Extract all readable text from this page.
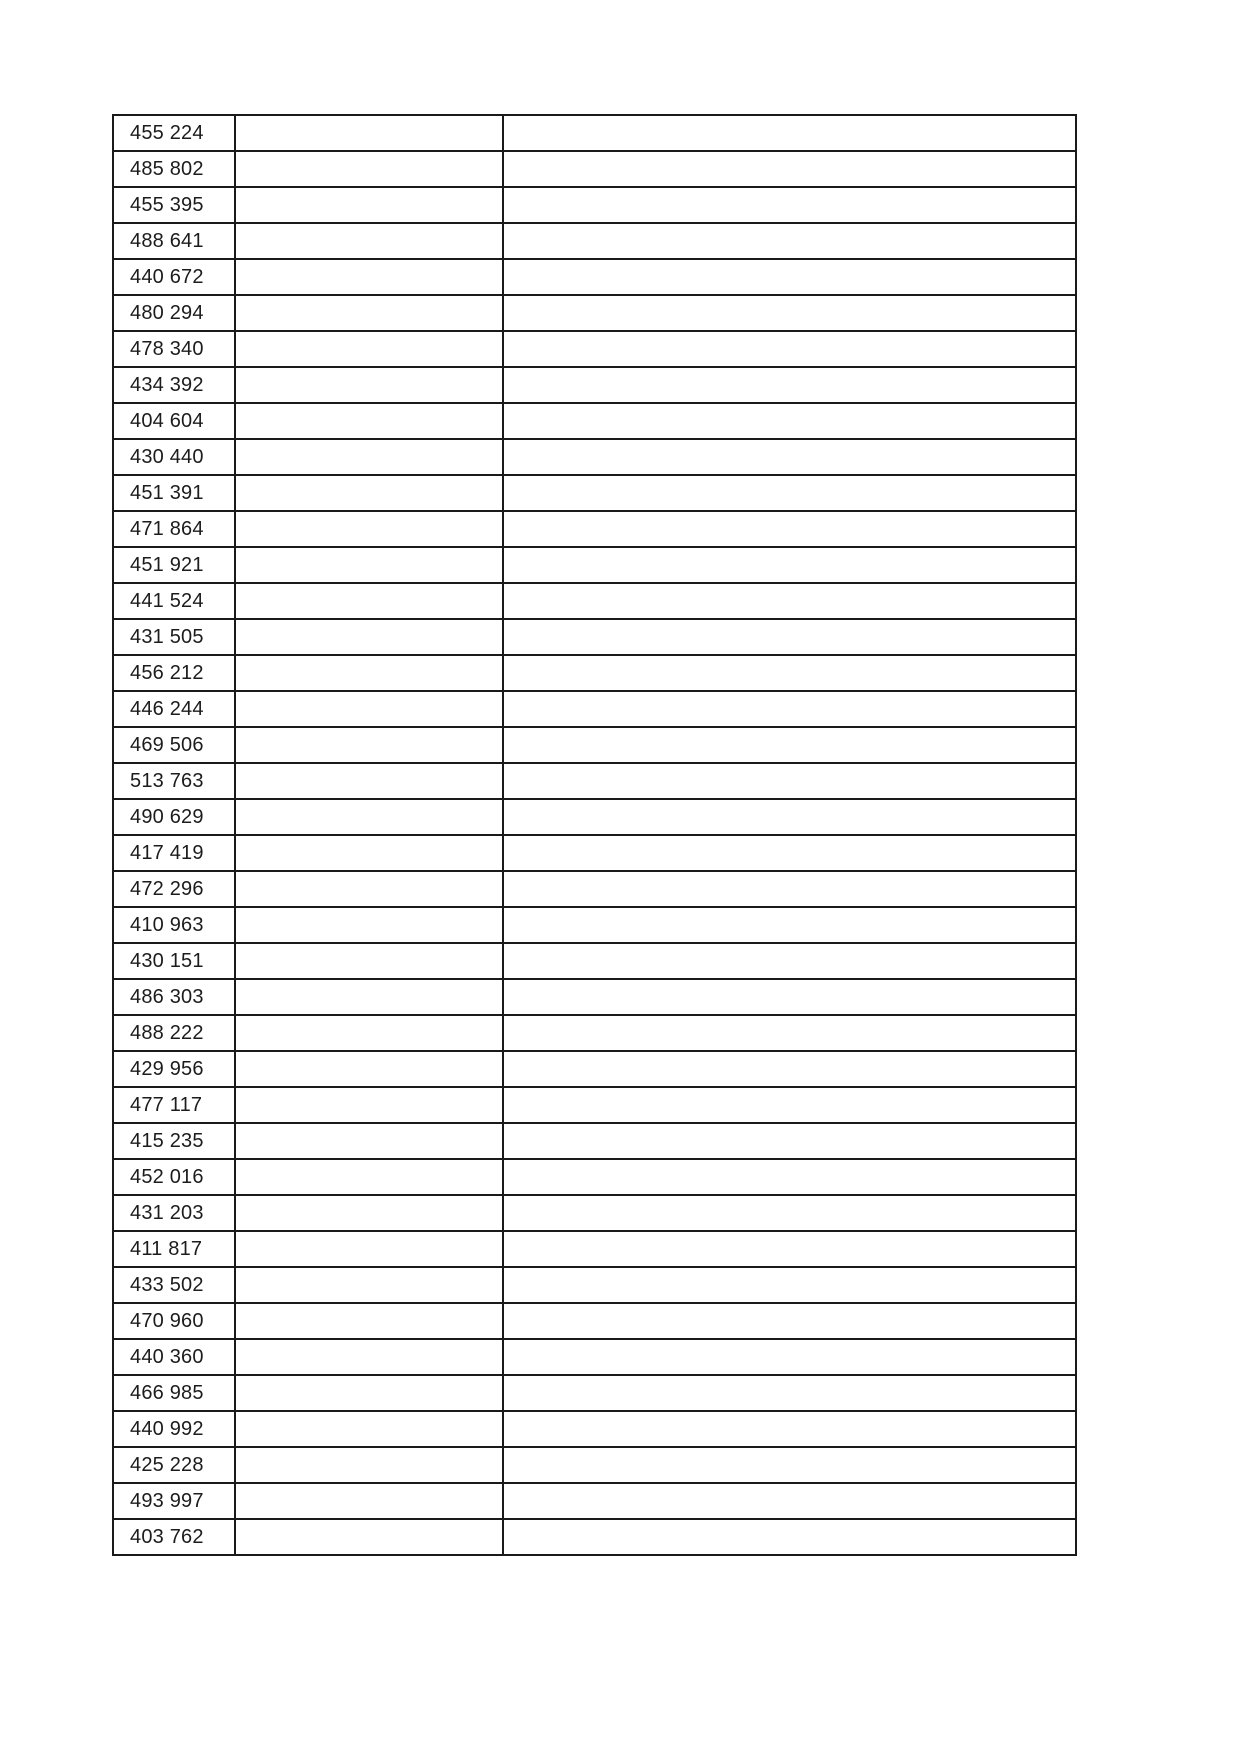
455 224		
485 802		
455 395		
488 641		
440 672		
480 294		
478 340		
434 392		
404 604		
430 440		
451 391		
471 864		
451 921		
441 524		
431 505		
456 212		
446 244		
469 506		
513 763		
490 629		
417 419		
472 296		
410 963		
430 151		
486 303		
488 222		
429 956		
477 117		
415 235		
452 016		
431 203		
411 817		
433 502		
470 960		
440 360		
466 985		
440 992		
425 228		
493 997		
403 762		
